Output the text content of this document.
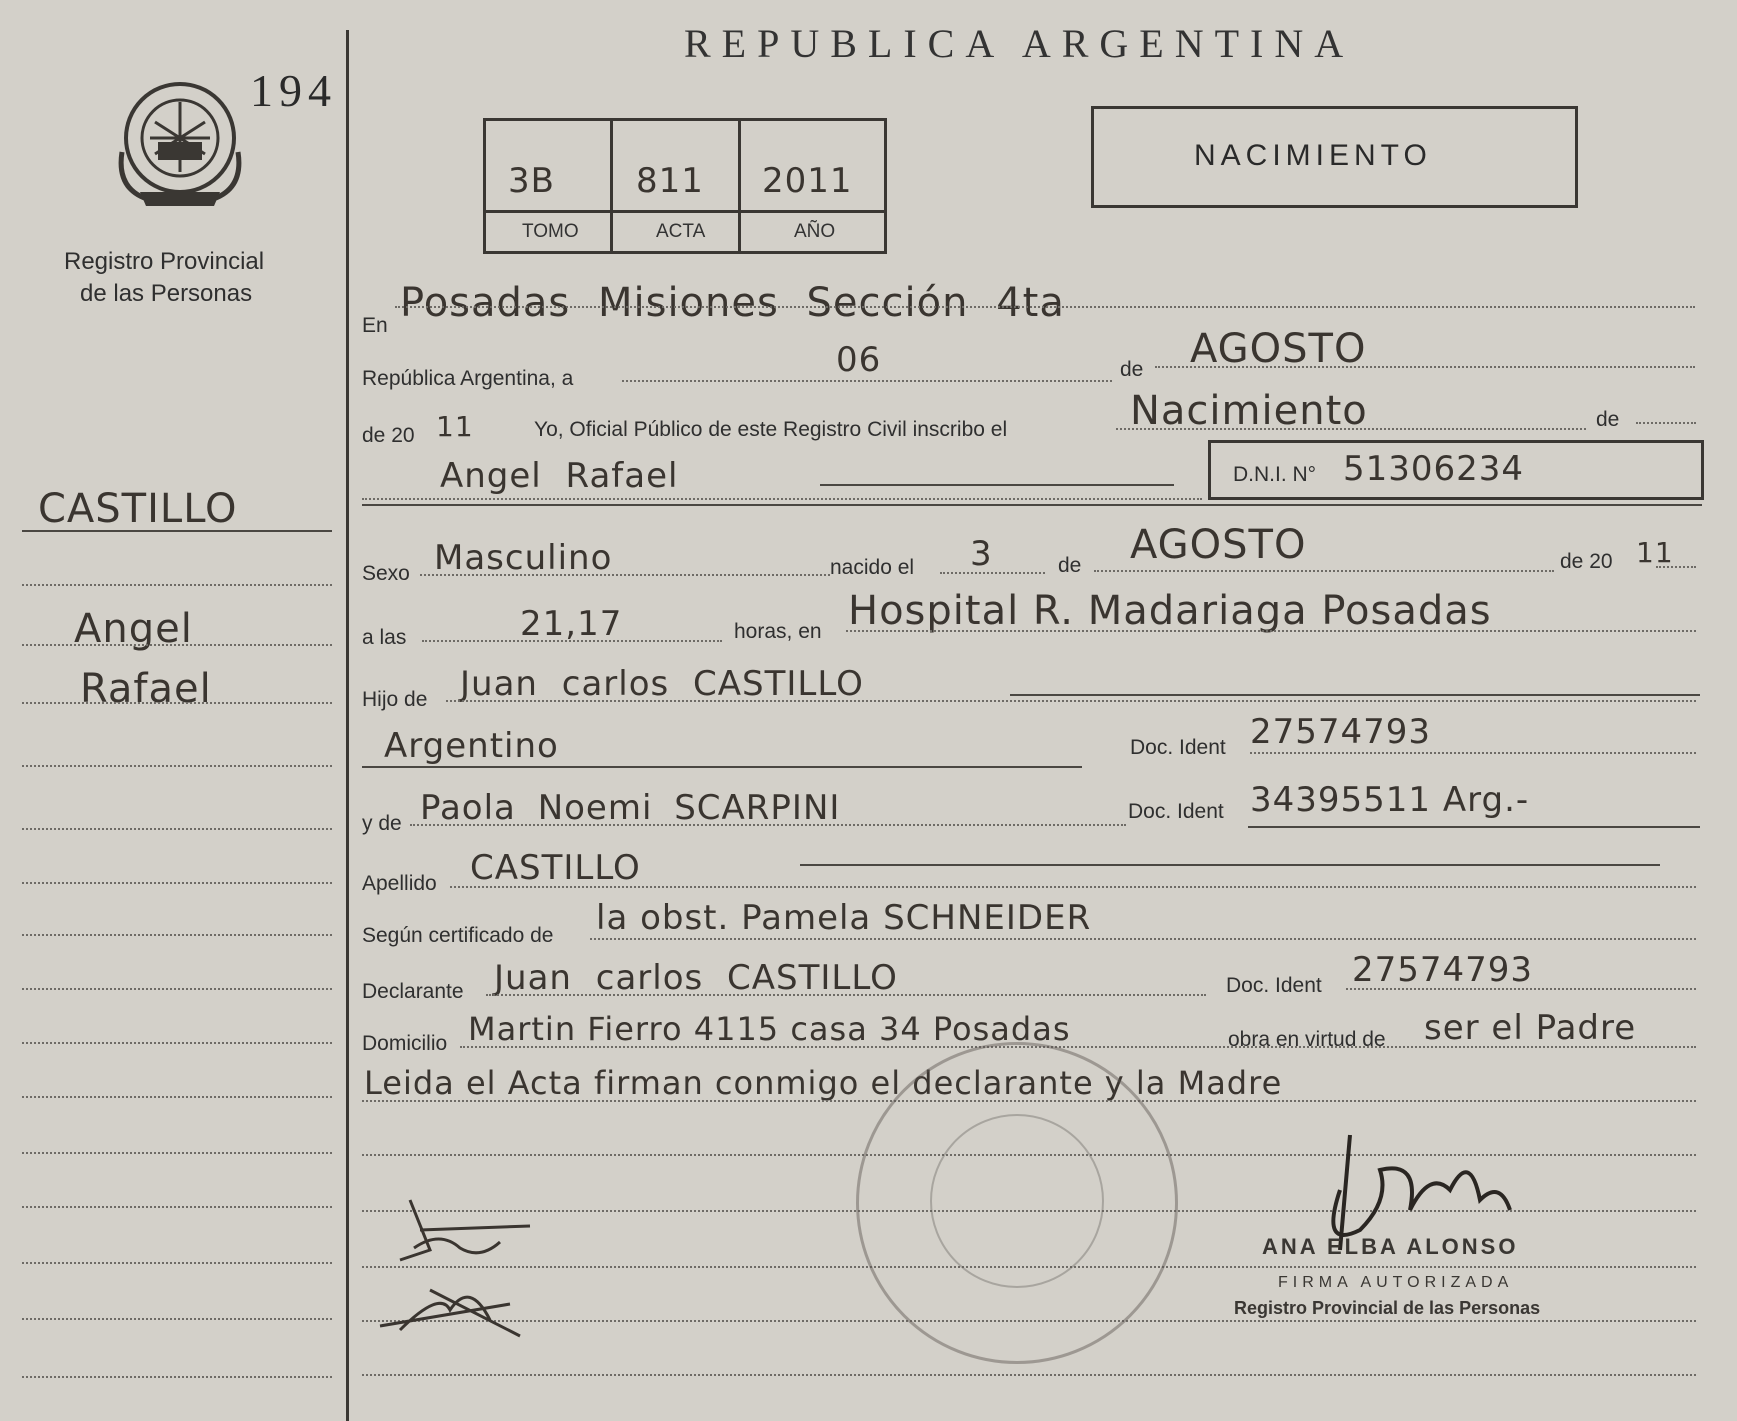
194
Registro Provincial
de las Personas
REPUBLICA ARGENTINA
3B 811 2011
TOMO	ACTA	AÑO
NACIMIENTO
CASTILLO
Angel
Rafael
En Posadas Misiones Sección 4ta
República Argentina, a	06	de AGOSTO
de 20 11	Yo, Oficial Público de este Registro Civil inscribo el	Nacimiento	de
Angel Rafael	D.N.I. N° 51306234
Sexo Masculino	nacido el 3	de AGOSTO	de 20 11
a las	21,17	horas, en Hospital R. Madariaga Posadas
Hijo de Juan carlos CASTILLO
Argentino	Doc. Ident 27574793
y de Paola Noemi SCARPINI	Doc. Ident 34395511 Arg.-
Apellido CASTILLO
Según certificado de la obst. Pamela SCHNEIDER
Declarante Juan carlos CASTILLO	Doc. Ident 27574793
Domicilio Martin Fierro 4115 casa 34 Posadas	obra en virtud de ser el Padre
Leida el Acta firman conmigo el declarante y la Madre
ANA ELBA ALONSO
FIRMA AUTORIZADA
Registro Provincial de las Personas
